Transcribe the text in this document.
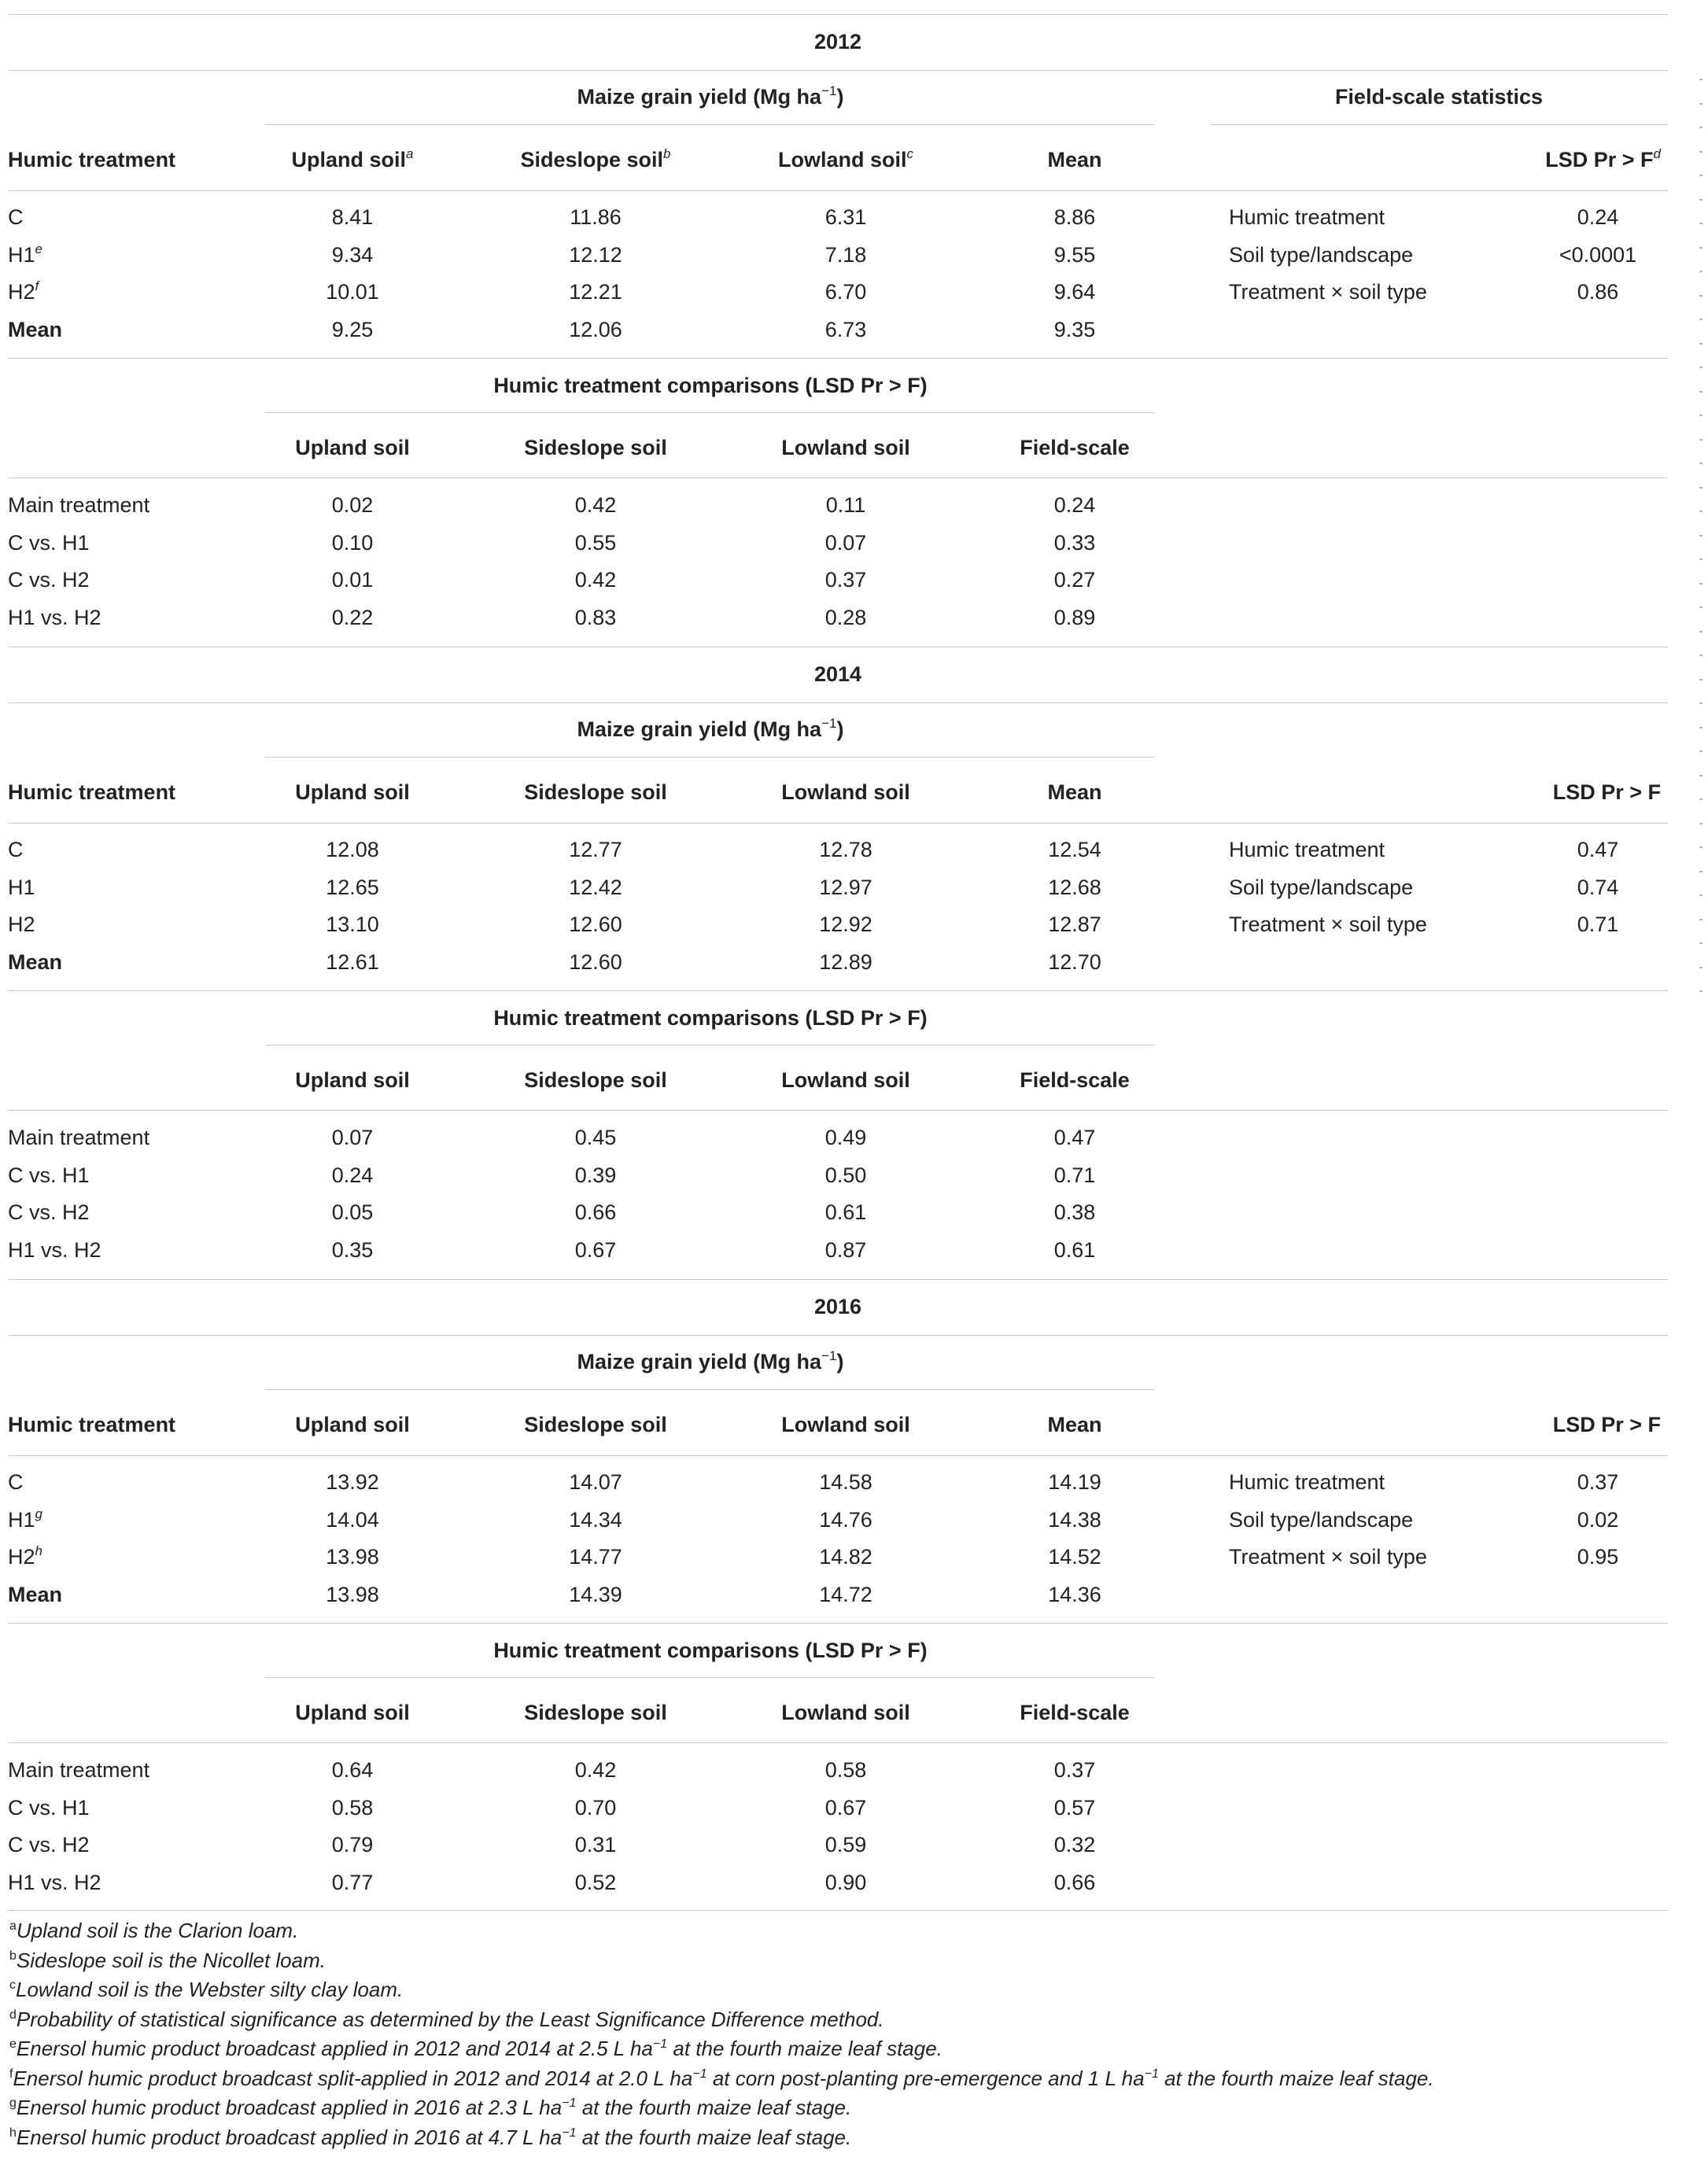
2012
Maize grain yield (Mg $ha^{-1}$)	Field-scale statistics
Humic treatment	Upland soil$^a$	Sideslope soil$^b$	Lowland soil$^c$	Mean	LSD $Pr > F^d$
C	8.41	11.86	6.31	8.86
H1e	9.34	12.12	7.18	9.55
H2$^f$	10.01	12.21	6.70	9.64
Mean	9.25	12.06	6.73	9.35
Humic treatment	0.24
Soil type/landscape	<0.0001
Treatment × soil type	0.86
Humic treatment comparisons (LSD Pr > F)
Upland soil	Sideslope soil	Lowland soil	Field-scale
Main treatment	0.02	0.42	0.11	0.24
C vs. H1	0.10	0.55	0.07	0.33
C vs. H2	0.01	0.42	0.37	0.27
H1 vs. H2	0.22	0.83	0.28	0.89
2014
Maize grain yield (Mg $ha^{-1}$)
Humic treatment	Upland soil	Sideslope soil	Lowland soil	Mean	LSD Pr > F
C	12.08	12.77	12.78	12.54
H1	12.65	12.42	12.97	12.68
H2	13.10	12.60	12.92	12.87
Mean	12.61	12.60	12.89	12.70
Humic treatment	0.47
Soil type/landscape	0.74
Treatment × soil type	0.71
Humic treatment comparisons (LSD Pr > F)
Upland soil	Sideslope soil	Lowland soil	Field-scale
Main treatment	0.07	0.45	0.49	0.47
C vs. H1	0.24	0.39	0.50	0.71
C vs. H2	0.05	0.66	0.61	0.38
H1 vs. H2	0.35	0.67	0.87	0.61
2016
Maize grain yield (Mg $ha^{-1}$)
Humic treatment	Upland soil	Sideslope soil	Lowland soil	Mean	LSD Pr > F
C	13.92	14.07	14.58	14.19
H1$^g$	14.04	14.34	14.76	14.38
H2$^h$	13.98	14.77	14.82	14.52
Mean	13.98	14.39	14.72	14.36
Humic treatment	0.37
Soil type/landscape	0.02
Treatment × soil type	0.95
Humic treatment comparisons (LSD Pr > F)
Upland soil	Sideslope soil	Lowland soil	Field-scale
Main treatment	0.64	0.42	0.58	0.37
C vs. H1	0.58	0.70	0.67	0.57
C vs. H2	0.79	0.31	0.59	0.32
H1 vs. H2	0.77	0.52	0.90	0.66
$^a$Upland soil is the Clarion loam.
$^b$Sideslope soil is the Nicollet loam.
$^c$Lowland soil is the Webster silty clay loam.
$^d$Probability of statistical significance as determined by the Least Significance Difference method.
$^e$Enersol humic product broadcast applied in 2012 and 2014 at 2.5 L $ha^{-1}$ at the fourth maize leaf stage.
$^f$Enersol humic product broadcast split-applied in 2012 and 2014 at 2.0 L $ha^{-1}$ at corn post-planting pre-emergence and 1 L $ha^{-1}$ at the fourth maize leaf stage.
$^g$Enersol humic product broadcast applied in 2016 at 2.3 L $ha^{-1}$ at the fourth maize leaf stage.
$^h$Enersol humic product broadcast applied in 2016 at 4.7 L $ha^{-1}$ at the fourth maize leaf stage.
